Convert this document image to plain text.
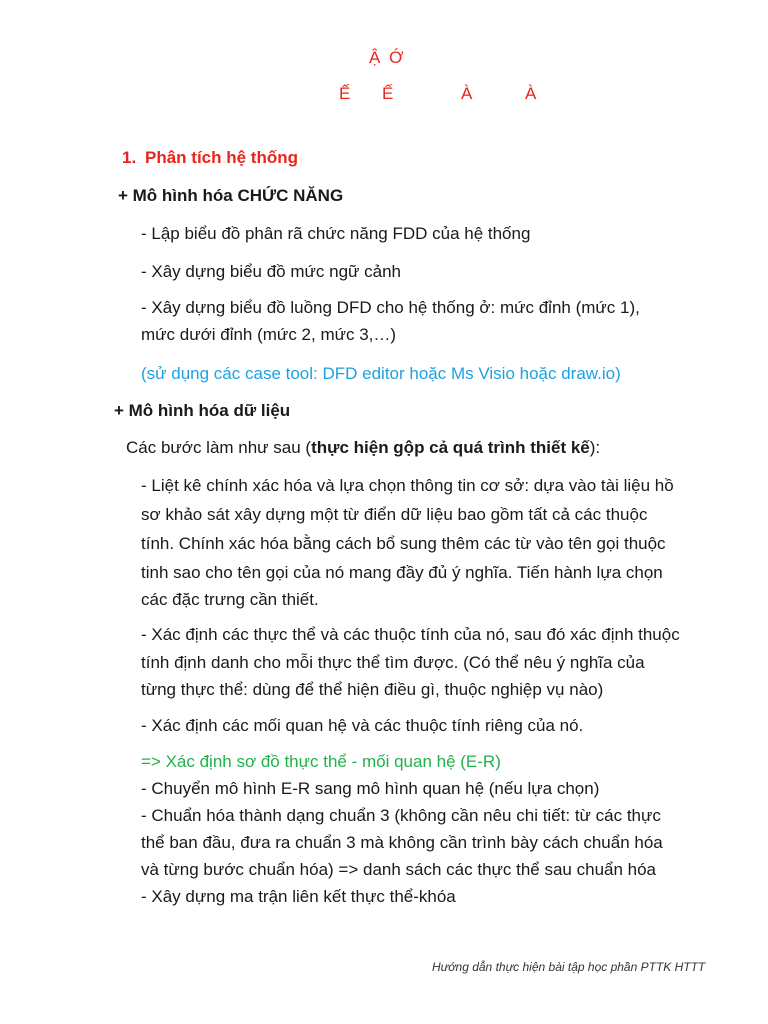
Ậ Ớ
Ế Ế	À	À
1. Phân tích hệ thống
+ Mô hình hóa CHỨC NĂNG
- Lập biểu đồ phân rã chức năng FDD của hệ thống
- Xây dựng biểu đồ mức ngữ cảnh
- Xây dựng biểu đồ luồng DFD cho hệ thống ở: mức đỉnh (mức 1),
mức dưới đỉnh (mức 2, mức 3,…)
(sử dụng các case tool: DFD editor hoặc Ms Visio hoặc draw.io)
+ Mô hình hóa dữ liệu
Các bước làm như sau (thực hiện gộp cả quá trình thiết kế):
- Liệt kê chính xác hóa và lựa chọn thông tin cơ sở: dựa vào tài liệu hồ
sơ khảo sát xây dựng một từ điển dữ liệu bao gồm tất cả các thuộc
tính. Chính xác hóa bằng cách bổ sung thêm các từ vào tên gọi thuộc
tinh sao cho tên gọi của nó mang đầy đủ ý nghĩa. Tiến hành lựa chọn
các đặc trưng cần thiết.
- Xác định các thực thể và các thuộc tính của nó, sau đó xác định thuộc
tính định danh cho mỗi thực thể tìm được. (Có thể nêu ý nghĩa của
từng thực thể: dùng để thể hiện điều gì, thuộc nghiệp vụ nào)
- Xác định các mối quan hệ và các thuộc tính riêng của nó.
=> Xác định sơ đồ thực thể - mối quan hệ (E-R)
- Chuyển mô hình E-R sang mô hình quan hệ (nếu lựa chọn)
- Chuẩn hóa thành dạng chuẩn 3 (không cần nêu chi tiết: từ các thực
thể ban đầu, đưa ra chuẩn 3 mà không cần trình bày cách chuẩn hóa
và từng bước chuẩn hóa) => danh sách các thực thể sau chuẩn hóa
- Xây dựng ma trận liên kết thực thể-khóa
Hướng dẫn thực hiện bài tập học phần PTTK HTTT
